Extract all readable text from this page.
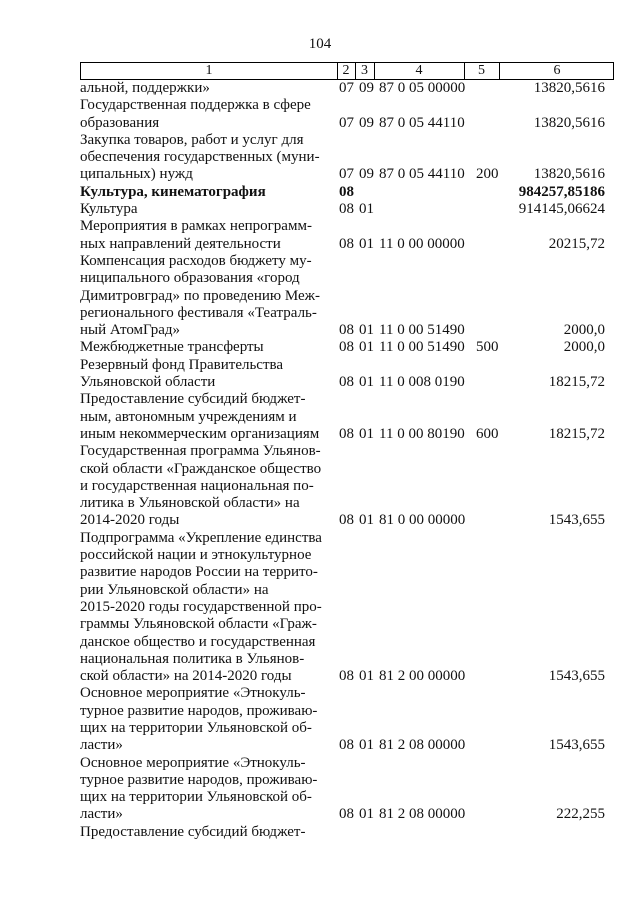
104
1	2 3	4	5	6
альной, поддержки»	07 09 87 0 05 00000	13820,5616
Государственная поддержка в сфере
образования	07 09 87 0 05 44110	13820,5616
Закупка товаров, работ и услуг для
обеспечения государственных (муни-
ципальных) нужд	07 09 87 0 05 44110 200	13820,5616
Культура, кинематография	08	984257,85186
Культура	08 01	914145,06624
Мероприятия в рамках непрограмм-
ных направлений деятельности	08 01 11 0 00 00000	20215,72
Компенсация расходов бюджету му-
ниципального образования «город
Димитровград» по проведению Меж-
регионального фестиваля «Театраль-
ный АтомГрад»	08 01 11 0 00 51490	2000,0
Межбюджетные трансферты	08 01 11 0 00 51490 500	2000,0
Резервный фонд Правительства
Ульяновской области	08 01 11 0 008 0190	18215,72
Предоставление субсидий бюджет-
ным, автономным учреждениям и
иным некоммерческим организациям	08 01 11 0 00 80190 600	18215,72
Государственная программа Ульянов-
ской области «Гражданское общество
и государственная национальная по-
литика в Ульяновской области» на
2014-2020 годы	08 01 81 0 00 00000	1543,655
Подпрограмма «Укрепление единства
российской нации и этнокультурное
развитие народов России на террито-
рии Ульяновской области» на
2015-2020 годы государственной про-
граммы Ульяновской области «Граж-
данское общество и государственная
национальная политика в Ульянов-
ской области» на 2014-2020 годы	08 01 81 2 00 00000	1543,655
Основное мероприятие «Этнокуль-
турное развитие народов, проживаю-
щих на территории Ульяновской об-
ласти»	08 01 81 2 08 00000	1543,655
Основное мероприятие «Этнокуль-
турное развитие народов, проживаю-
щих на территории Ульяновской об-
ласти»	08 01 81 2 08 00000	222,255
Предоставление субсидий бюджет-
